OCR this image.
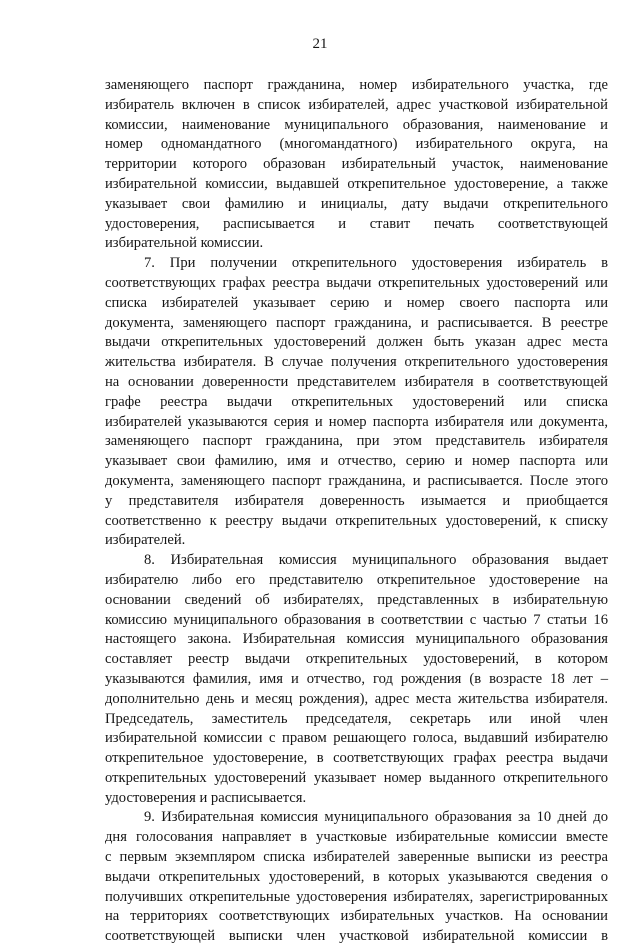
21
заменяющего паспорт гражданина, номер избирательного участка, где
избиратель включен в список избирателей, адрес участковой избирательной
комиссии, наименование муниципального образования, наименование и
номер одномандатного (многомандатного) избирательного округа, на
территории которого образован избирательный участок, наименование
избирательной комиссии, выдавшей открепительное удостоверение, а также
указывает свои фамилию и инициалы, дату выдачи открепительного
удостоверения, расписывается и ставит печать соответствующей
избирательной комиссии.
7. При получении открепительного удостоверения избиратель в
соответствующих графах реестра выдачи открепительных удостоверений или
списка избирателей указывает серию и номер своего паспорта или
документа, заменяющего паспорт гражданина, и расписывается. В реестре
выдачи открепительных удостоверений должен быть указан адрес места
жительства избирателя. В случае получения открепительного удостоверения
на основании доверенности представителем избирателя в соответствующей
графе реестра выдачи открепительных удостоверений или списка
избирателей указываются серия и номер паспорта избирателя или документа,
заменяющего паспорт гражданина, при этом представитель избирателя
указывает свои фамилию, имя и отчество, серию и номер паспорта или
документа, заменяющего паспорт гражданина, и расписывается. После этого
у представителя избирателя доверенность изымается и приобщается
соответственно к реестру выдачи открепительных удостоверений, к списку
избирателей.
8. Избирательная комиссия муниципального образования выдает
избирателю либо его представителю открепительное удостоверение на
основании сведений об избирателях, представленных в избирательную
комиссию муниципального образования в соответствии с частью 7 статьи 16
настоящего закона. Избирательная комиссия муниципального образования
составляет реестр выдачи открепительных удостоверений, в котором
указываются фамилия, имя и отчество, год рождения (в возрасте 18 лет –
дополнительно день и месяц рождения), адрес места жительства избирателя.
Председатель, заместитель председателя, секретарь или иной член
избирательной комиссии с правом решающего голоса, выдавший избирателю
открепительное удостоверение, в соответствующих графах реестра выдачи
открепительных удостоверений указывает номер выданного открепительного
удостоверения и расписывается.
9. Избирательная комиссия муниципального образования за 10 дней до
дня голосования направляет в участковые избирательные комиссии вместе
с первым экземпляром списка избирателей заверенные выписки из реестра
выдачи открепительных удостоверений, в которых указываются сведения о
получивших открепительные удостоверения избирателях, зарегистрированных
на территориях соответствующих избирательных участков. На основании
соответствующей выписки член участковой избирательной комиссии в
